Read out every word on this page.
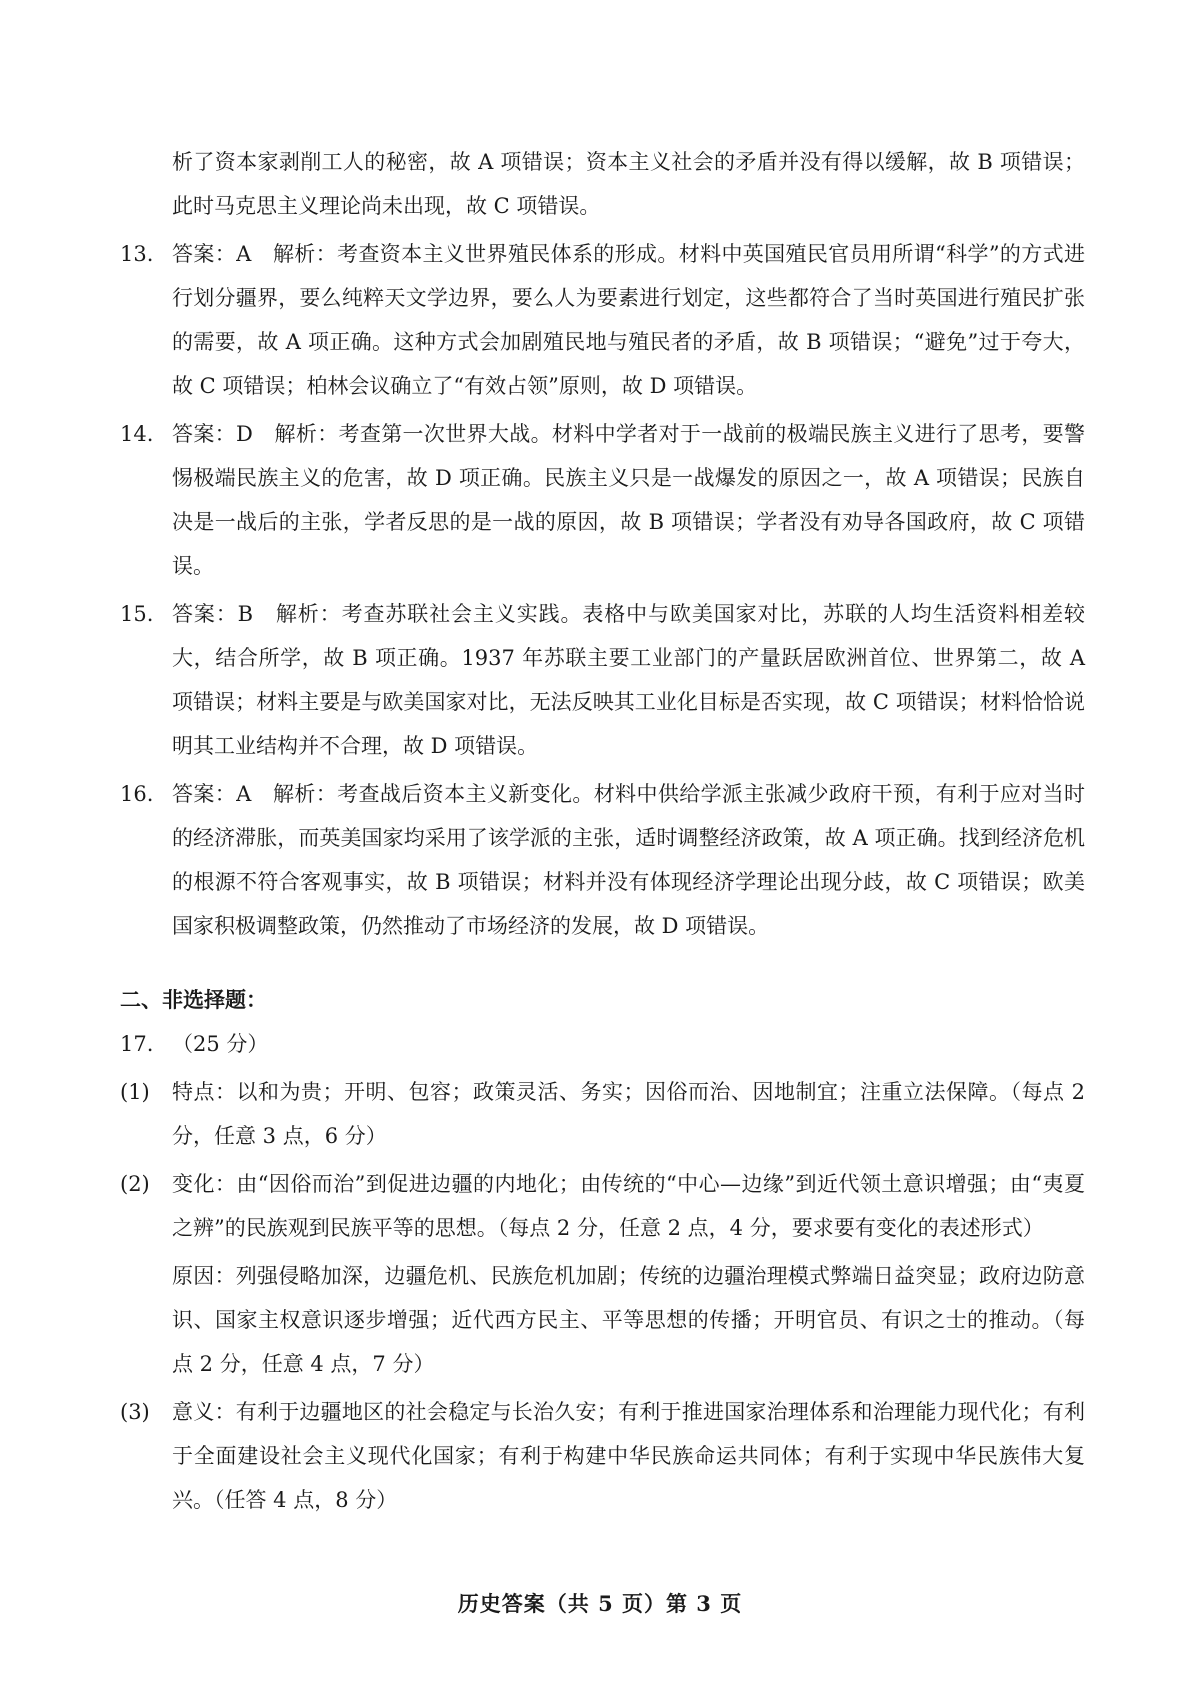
析了资本家剥削工人的秘密，故 A 项错误；资本主义社会的矛盾并没有得以缓解，故 B 项错误；此时马克思主义理论尚未出现，故 C 项错误。

13. 答案：A　解析：考查资本主义世界殖民体系的形成。材料中英国殖民官员用所谓“科学”的方式进行划分疆界，要么纯粹天文学边界，要么人为要素进行划定，这些都符合了当时英国进行殖民扩张的需要，故 A 项正确。这种方式会加剧殖民地与殖民者的矛盾，故 B 项错误；“避免”过于夸大，故 C 项错误；柏林会议确立了“有效占领”原则，故 D 项错误。
14. 答案：D　解析：考查第一次世界大战。材料中学者对于一战前的极端民族主义进行了思考，要警惕极端民族主义的危害，故 D 项正确。民族主义只是一战爆发的原因之一，故 A 项错误；民族自决是一战后的主张，学者反思的是一战的原因，故 B 项错误；学者没有劝导各国政府，故 C 项错误。
15. 答案：B　解析：考查苏联社会主义实践。表格中与欧美国家对比，苏联的人均生活资料相差较大，结合所学，故 B 项正确。1937 年苏联主要工业部门的产量跃居欧洲首位、世界第二，故 A 项错误；材料主要是与欧美国家对比，无法反映其工业化目标是否实现，故 C 项错误；材料恰恰说明其工业结构并不合理，故 D 项错误。
16. 答案：A　解析：考查战后资本主义新变化。材料中供给学派主张减少政府干预，有利于应对当时的经济滞胀，而英美国家均采用了该学派的主张，适时调整经济政策，故 A 项正确。找到经济危机的根源不符合客观事实，故 B 项错误；材料并没有体现经济学理论出现分歧，故 C 项错误；欧美国家积极调整政策，仍然推动了市场经济的发展，故 D 项错误。
二、非选择题：
17. （25 分）
(1)	特点：以和为贵；开明、包容；政策灵活、务实；因俗而治、因地制宜；注重立法保障。（每点 2 分，任意 3 点，6 分）
(2)	变化：由“因俗而治”到促进边疆的内地化；由传统的“中心—边缘”到近代领土意识增强；由“夷夏之辨”的民族观到民族平等的思想。（每点 2 分，任意 2 点，4 分，要求要有变化的表述形式）

原因：列强侵略加深，边疆危机、民族危机加剧；传统的边疆治理模式弊端日益突显；政府边防意识、国家主权意识逐步增强；近代西方民主、平等思想的传播；开明官员、有识之士的推动。（每点 2 分，任意 4 点，7 分）

(3)	意义：有利于边疆地区的社会稳定与长治久安；有利于推进国家治理体系和治理能力现代化；有利于全面建设社会主义现代化国家；有利于构建中华民族命运共同体；有利于实现中华民族伟大复兴。（任答 4 点，8 分）
历史答案（共 5 页）第 3 页
